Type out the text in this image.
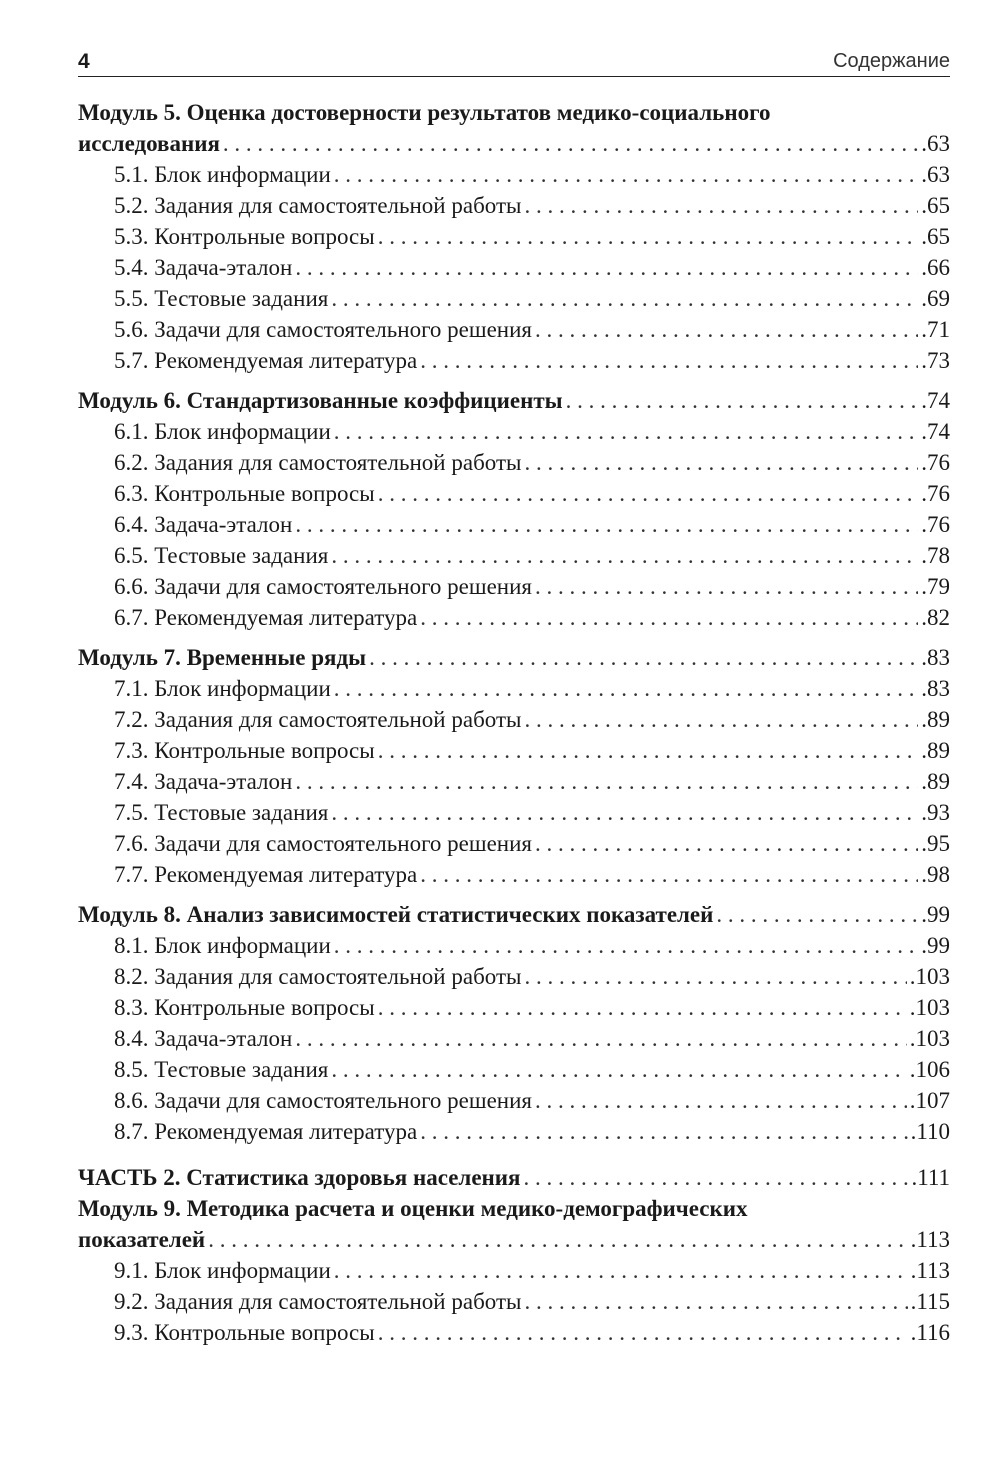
4	Содержание
Модуль 5. Оценка достоверности результатов медико-социального
исследования . . .	.63
5.1. Блок информации . . .	.63
5.2. Задания для самостоятельной работы . . .	.65
5.3. Контрольные вопросы . . .	.65
5.4. Задача-эталон . . .	.66
5.5. Тестовые задания . . .	.69
5.6. Задачи для самостоятельного решения . . .	.71
5.7. Рекомендуемая литература . . .	.73
Модуль 6. Стандартизованные коэффициенты . . .	.74
6.1. Блок информации . . .	.74
6.2. Задания для самостоятельной работы . . .	.76
6.3. Контрольные вопросы . . .	.76
6.4. Задача-эталон . . .	.76
6.5. Тестовые задания . . .	.78
6.6. Задачи для самостоятельного решения . . .	.79
6.7. Рекомендуемая литература . . .	.82
Модуль 7. Временные ряды . . .	.83
7.1. Блок информации . . .	.83
7.2. Задания для самостоятельной работы . . .	.89
7.3. Контрольные вопросы . . .	.89
7.4. Задача-эталон . . .	.89
7.5. Тестовые задания . . .	.93
7.6. Задачи для самостоятельного решения . . .	.95
7.7. Рекомендуемая литература . . .	.98
Модуль 8. Анализ зависимостей статистических показателей . . .	.99
8.1. Блок информации . . .	.99
8.2. Задания для самостоятельной работы . . .	.103
8.3. Контрольные вопросы . . .	.103
8.4. Задача-эталон . . .	.103
8.5. Тестовые задания . . .	.106
8.6. Задачи для самостоятельного решения . . .	.107
8.7. Рекомендуемая литература . . .	.110
ЧАСТЬ 2. Статистика здоровья населения . . .	.111
Модуль 9. Методика расчета и оценки медико-демографических
показателей . . .	.113
9.1. Блок информации . . .	.113
9.2. Задания для самостоятельной работы . . .	.115
9.3. Контрольные вопросы . . .	.116
